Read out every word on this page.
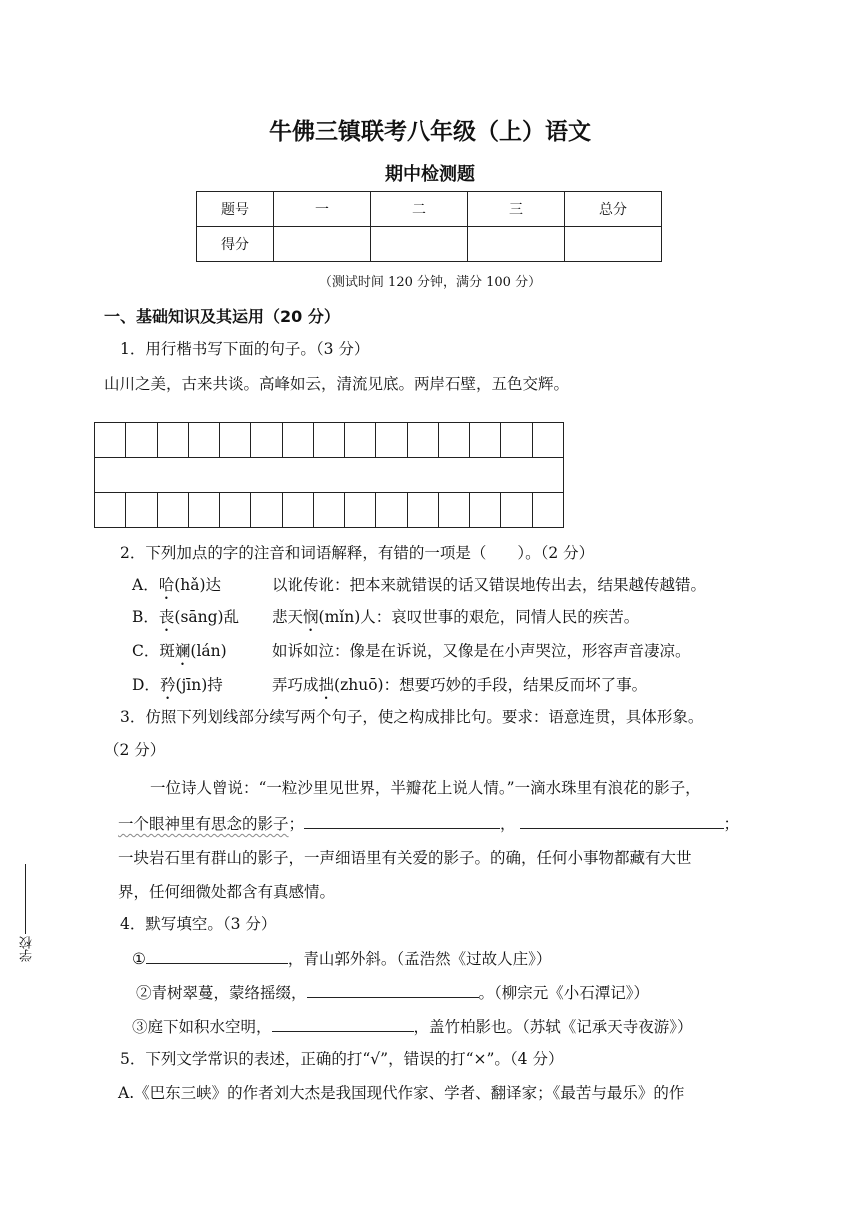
牛佛三镇联考八年级（上）语文
期中检测题
题号	一	二	三	总分
得分				
（测试时间 120 分钟，满分 100 分）
一、基础知识及其运用（20 分）
1．用行楷书写下面的句子。（3 分）
山川之美，古来共谈。高峰如云，清流见底。两岸石壁，五色交辉。
2．下列加点的字的注音和词语解释，有错的一项是（　　）。（2 分）
A．哈(hǎ)达	以讹传讹：把本来就错误的话又错误地传出去，结果越传越错。
B．丧(sāng)乱 悲天悯(mǐn)人：哀叹世事的艰危，同情人民的疾苦。
C．斑斓(lán)	如诉如泣：像是在诉说，又像是在小声哭泣，形容声音凄凉。
D．矜(jīn)持	弄巧成拙(zhuō)：想要巧妙的手段，结果反而坏了事。
3．仿照下列划线部分续写两个句子，使之构成排比句。要求：语意连贯，具体形象。
（2 分）
一位诗人曾说：“一粒沙里见世界，半瓣花上说人情。”一滴水珠里有浪花的影子，
一个眼神里有思念的影子；	，	；
一块岩石里有群山的影子，一声细语里有关爱的影子。的确，任何小事物都藏有大世
界，任何细微处都含有真感情。
4．默写填空。（3 分）
①	，青山郭外斜。（孟浩然《过故人庄》）
②青树翠蔓，蒙络摇缀，	。（柳宗元《小石潭记》）
③庭下如积水空明，	，盖竹柏影也。（苏轼《记承天寺夜游》）
5．下列文学常识的表述，正确的打“√”，错误的打“×”。（4 分）
A.《巴东三峡》的作者刘大杰是我国现代作家、学者、翻译家；《最苦与最乐》的作
学校
